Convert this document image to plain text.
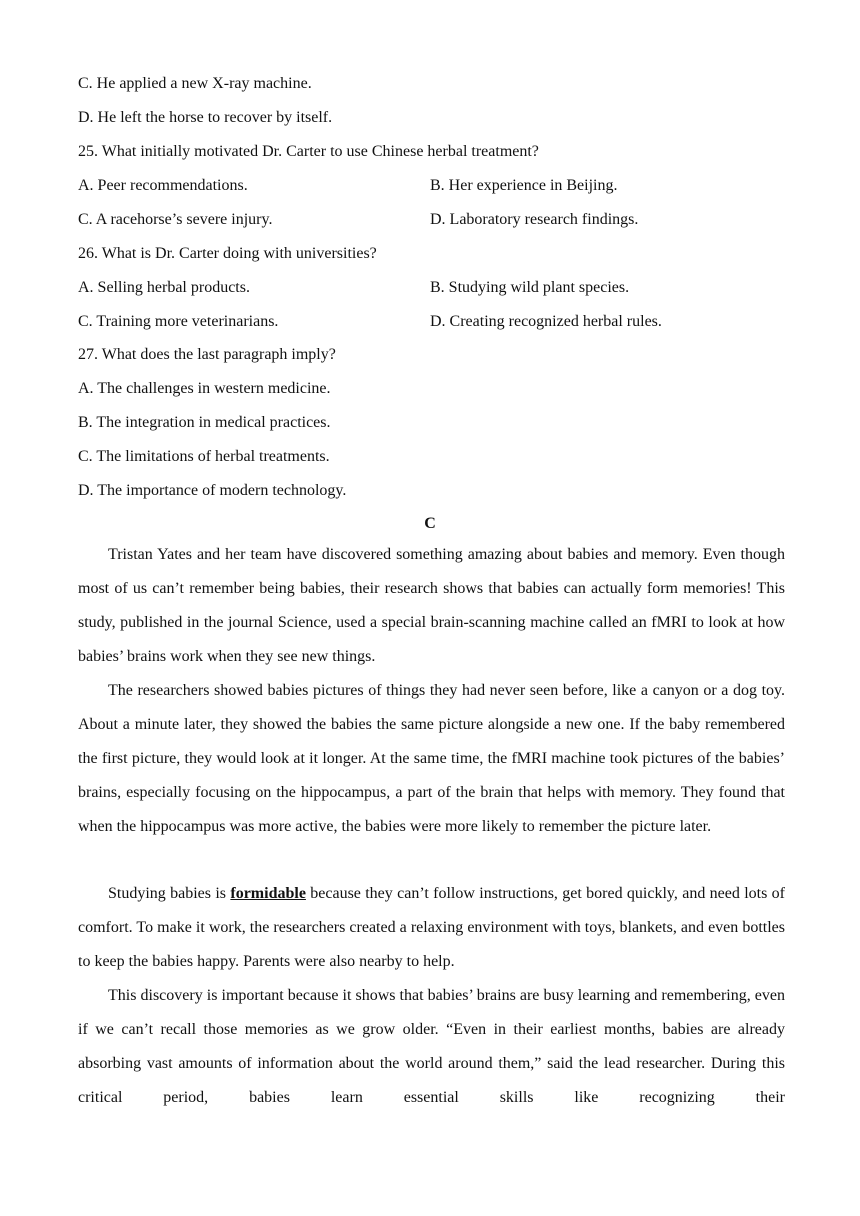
C. He applied a new X-ray machine.
D. He left the horse to recover by itself.
25. What initially motivated Dr. Carter to use Chinese herbal treatment?
A. Peer recommendations.	B. Her experience in Beijing.
C. A racehorse’s severe injury.	D. Laboratory research findings.
26. What is Dr. Carter doing with universities?
A. Selling herbal products.	B. Studying wild plant species.
C. Training more veterinarians.	D. Creating recognized herbal rules.
27. What does the last paragraph imply?
A. The challenges in western medicine.
B. The integration in medical practices.
C. The limitations of herbal treatments.
D. The importance of modern technology.
C
Tristan Yates and her team have discovered something amazing about babies and memory. Even though most of us can’t remember being babies, their research shows that babies can actually form memories! This study, published in the journal Science, used a special brain-scanning machine called an fMRI to look at how babies’ brains work when they see new things.
The researchers showed babies pictures of things they had never seen before, like a canyon or a dog toy. About a minute later, they showed the babies the same picture alongside a new one. If the baby remembered the first picture, they would look at it longer. At the same time, the fMRI machine took pictures of the babies’ brains, especially focusing on the hippocampus, a part of the brain that helps with memory. They found that when the hippocampus was more active, the babies were more likely to remember the picture later.
Studying babies is formidable because they can’t follow instructions, get bored quickly, and need lots of comfort. To make it work, the researchers created a relaxing environment with toys, blankets, and even bottles to keep the babies happy. Parents were also nearby to help.
This discovery is important because it shows that babies’ brains are busy learning and remembering, even if we can’t recall those memories as we grow older. “Even in their earliest months, babies are already absorbing vast amounts of information about the world around them,” said the lead researcher. During this critical period, babies learn essential skills like recognizing their
